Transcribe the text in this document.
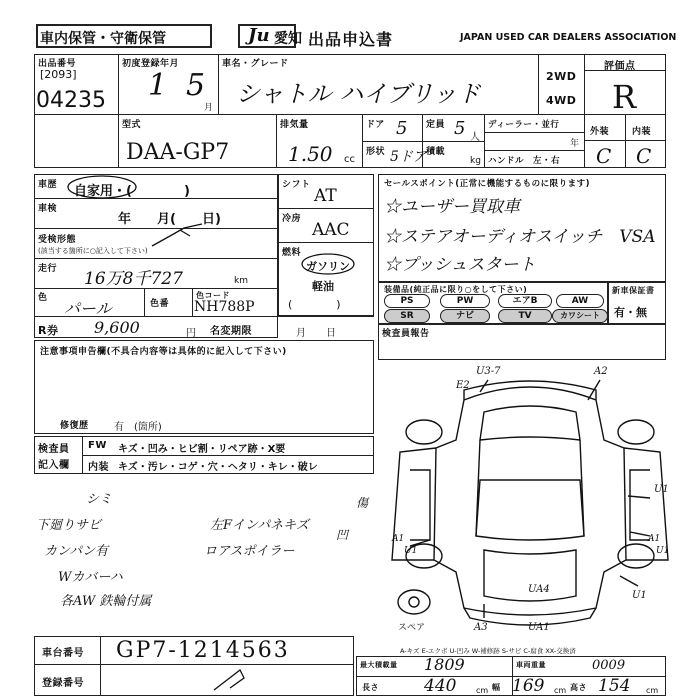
車内保管・守衛保管	Ju 愛知 出品申込書	JAPAN USED CAR DEALERS ASSOCIATION
出品番号
[2093]
04235
初度登録年月
1 5
月
車名・グレード
シャトル ハイブリッド
2WD
4WD
評価点
R
型式
DAA-GP7
排気量
1.50 cc
ドア 5
形状 5ドア
定員 5 人
積載
kg
ディーラー・並行
年
ハンドル　左・右
外装	内装
C C
車歴 自家用・(　　　　)
車検
年　　月(　　日)
受検形態
(該当する箇所に○記入して下さい)
走行 16万8千727	km
色
パール	色番
色コード
NH788P
R券 9,600	円 名変期限	月　　日
シフト
AT
冷房
AAC
燃料
ガソリン
軽油
(　　　　)
セールスポイント(正常に機能するものに限ります)
☆ユーザー買取車
☆ステアオーディオスイッチ　VSA
☆プッシュスタート
装備品(純正品に限り○をして下さい)
PS	PW	エアB	AW
SR	ナビ	TV	カワシート
新車保証書
有・無
注意事項申告欄(不具合内容等は具体的に記入して下さい)
修復歴	有　(箇所)
検査員報告
検査員
記入欄
FW キズ・凹み・ヒビ割・リペア跡・X要
内装 キズ・汚レ・コゲ・穴・ヘタリ・キレ・破レ
シミ
下廻りサビ	左Fインパネキズ
カンパン有	ロアスポイラー
Wカバーハ
各AW 鉄輪付属
傷
凹
U3-7	A2
E2
U1
A1
U1
A1
U1
UA4
U1
A3	UA1
スペア
A-キズ E-エクボ U-凹み W-補修跡 S-サビ C-腐食 XX-交換済
車台番号 GP7-1214563
登録番号
最大積載量 1809	車両重量	0009
長さ	440 cm 幅 169 cm 高さ 154 cm
